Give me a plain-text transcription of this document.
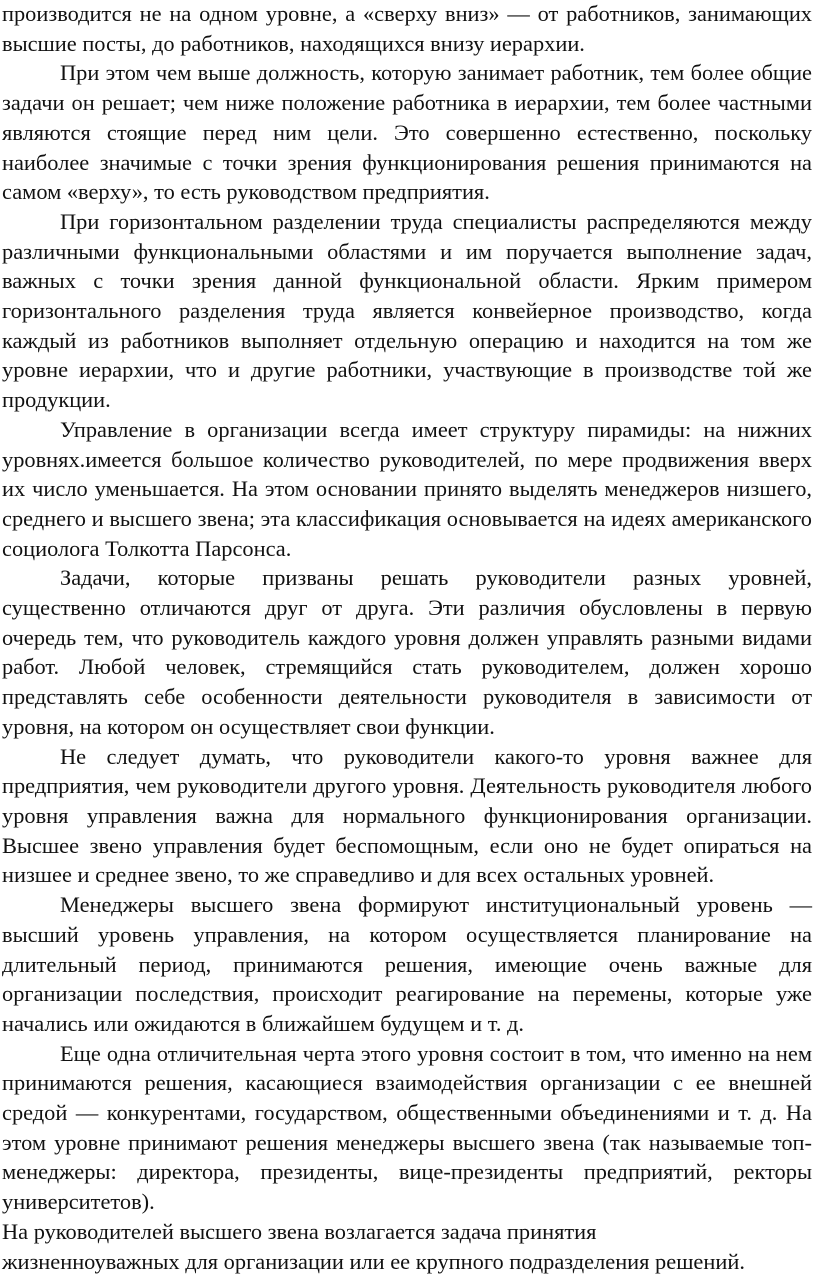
производится не на одном уровне, а «сверху вниз» — от работников, занимающих высшие посты, до работников, находящихся внизу иерархии.

При этом чем выше должность, которую занимает работник, тем более общие задачи он решает; чем ниже положение работника в иерархии, тем более частными являются стоящие перед ним цели. Это совершенно естественно, поскольку наиболее значимые с точки зрения функционирования решения принимаются на самом «верху», то есть руководством предприятия.

При горизонтальном разделении труда специалисты распределяются между различными функциональными областями и им поручается выполнение задач, важных с точки зрения данной функциональной области. Ярким примером горизонтального разделения труда является конвейерное производство, когда каждый из работников выполняет отдельную операцию и находится на том же уровне иерархии, что и другие работники, участвующие в производстве той же продукции.

Управление в организации всегда имеет структуру пирамиды: на нижних уровнях.имеется большое количество руководителей, по мере продвижения вверх их число уменьшается. На этом основании принято выделять менеджеров низшего, среднего и высшего звена; эта классификация основывается на идеях американского социолога Толкотта Парсонса.

Задачи, которые призваны решать руководители разных уровней, существенно отличаются друг от друга. Эти различия обусловлены в первую очередь тем, что руководитель каждого уровня должен управлять разными видами работ. Любой человек, стремящийся стать руководителем, должен хорошо представлять себе особенности деятельности руководителя в зависимости от уровня, на котором он осуществляет свои функции.

Не следует думать, что руководители какого-то уровня важнее для предприятия, чем руководители другого уровня. Деятельность руководителя любого уровня управления важна для нормального функционирования организации. Высшее звено управления будет беспомощным, если оно не будет опираться на низшее и среднее звено, то же справедливо и для всех остальных уровней.

Менеджеры высшего звена формируют институциональный уровень — высший уровень управления, на котором осуществляется планирование на длительный период, принимаются решения, имеющие очень важные для организации последствия, происходит реагирование на перемены, которые уже начались или ожидаются в ближайшем будущем и т. д.

Еще одна отличительная черта этого уровня состоит в том, что именно на нем принимаются решения, касающиеся взаимодействия организации с ее внешней средой — конкурентами, государством, общественными объединениями и т. д. На этом уровне принимают решения менеджеры высшего звена (так называемые топ-менеджеры: директора, президенты, вице-президенты предприятий, ректоры университетов).

На руководителей высшего звена возлагается задача принятия

жизненноуважных для организации или ее крупного подразделения решений.
